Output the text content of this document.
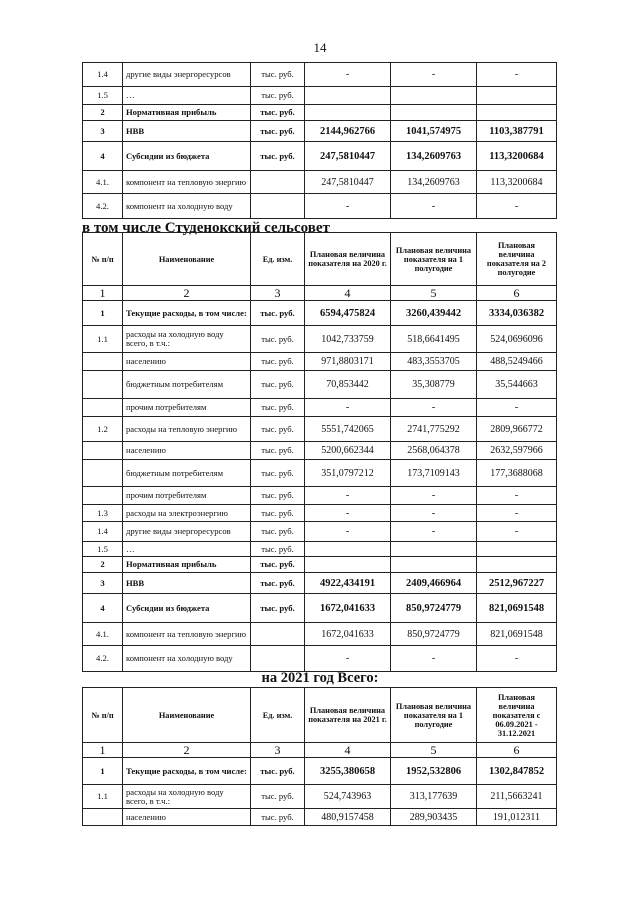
14
1.4	другие виды энергоресурсов	тыс. руб.	-	-	-
1.5	…	тыс. руб.			
2	Нормативная прибыль	тыс. руб.			
3	НВВ	тыс. руб.	2144,962766	1041,574975	1103,387791
4	Субсидии из бюджета	тыс. руб.	247,5810447	134,2609763	113,3200684
4.1.	компонент на тепловую энергию		247,5810447	134,2609763	113,3200684
4.2.	компонент на холодную воду		-	-	-
в том числе Студенокский сельсовет
№ п/п	Наименование	Ед. изм.	Плановая величина показателя на 2020 г.	Плановая величина показателя на 1 полугодие	Плановая величина показателя на 2 полугодие
1	2	3	4	5	6
1	Текущие расходы, в том числе:	тыс. руб.	6594,475824	3260,439442	3334,036382
1.1	расходы на холодную воду всего, в т.ч.:	тыс. руб.	1042,733759	518,6641495	524,0696096
	населению	тыс. руб.	971,8803171	483,3553705	488,5249466
	бюджетным потребителям	тыс. руб.	70,853442	35,308779	35,544663
	прочим потребителям	тыс. руб.	-	-	-
1.2	расходы на тепловую энергию	тыс. руб.	5551,742065	2741,775292	2809,966772
	населению	тыс. руб.	5200,662344	2568,064378	2632,597966
	бюджетным потребителям	тыс. руб.	351,0797212	173,7109143	177,3688068
	прочим потребителям	тыс. руб.	-	-	-
1.3	расходы на электроэнергию	тыс. руб.	-	-	-
1.4	другие виды энергоресурсов	тыс. руб.	-	-	-
1.5	…	тыс. руб.			
2	Нормативная прибыль	тыс. руб.			
3	НВВ	тыс. руб.	4922,434191	2409,466964	2512,967227
4	Субсидии из бюджета	тыс. руб.	1672,041633	850,9724779	821,0691548
4.1.	компонент на тепловую энергию		1672,041633	850,9724779	821,0691548
4.2.	компонент на холодную воду		-	-	-
на 2021 год Всего:
№ п/п	Наименование	Ед. изм.	Плановая величина показателя на 2021 г.	Плановая величина показателя на 1 полугодие	Плановая величина показателя с 06.09.2021 - 31.12.2021
1	2	3	4	5	6
1	Текущие расходы, в том числе:	тыс. руб.	3255,380658	1952,532806	1302,847852
1.1	расходы на холодную воду всего, в т.ч.:	тыс. руб.	524,743963	313,177639	211,5663241
	населению	тыс. руб.	480,9157458	289,903435	191,012311
